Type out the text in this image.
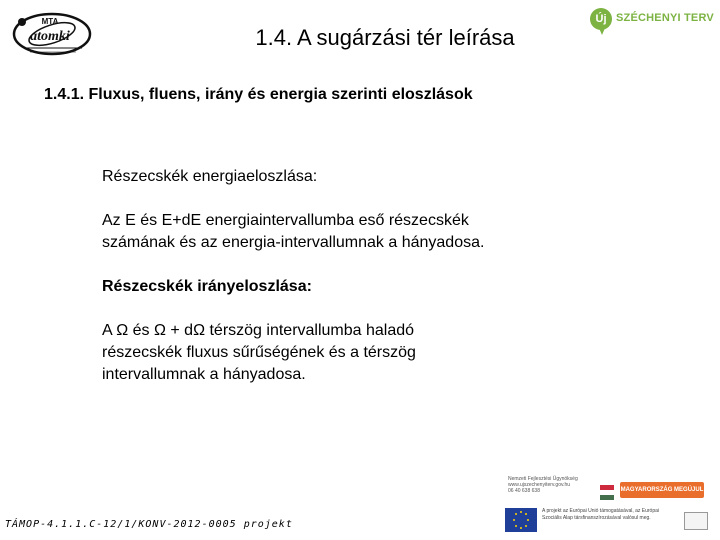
MTA
atomki	1.4. A sugárzási tér leírása
Új SZÉCHENYI TERV
1.4.1. Fluxus, fluens, irány és energia szerinti eloszlások

Részecskék energiaeloszlása:

Az E és E+dE energiaintervallumba eső részecskék
számának és az energia-intervallumnak a hányadosa.

Részecskék irányeloszlása:

A Ω és Ω + dΩ térszög intervallumba haladó
részecskék fluxus sűrűségének és a térszög
intervallumnak a hányadosa.

TÁMOP-4.1.1.C-12/1/KONV-2012-0005 projekt
Nemzeti Fejlesztési Ügynökség
www.ujszechenyiterv.gov.hu
06 40 638 638	MAGYARORSZÁG MEGÚJUL
A projekt az Európai Unió támogatásával, az Európai
Szociális Alap társfinanszírozásával valósul meg.
